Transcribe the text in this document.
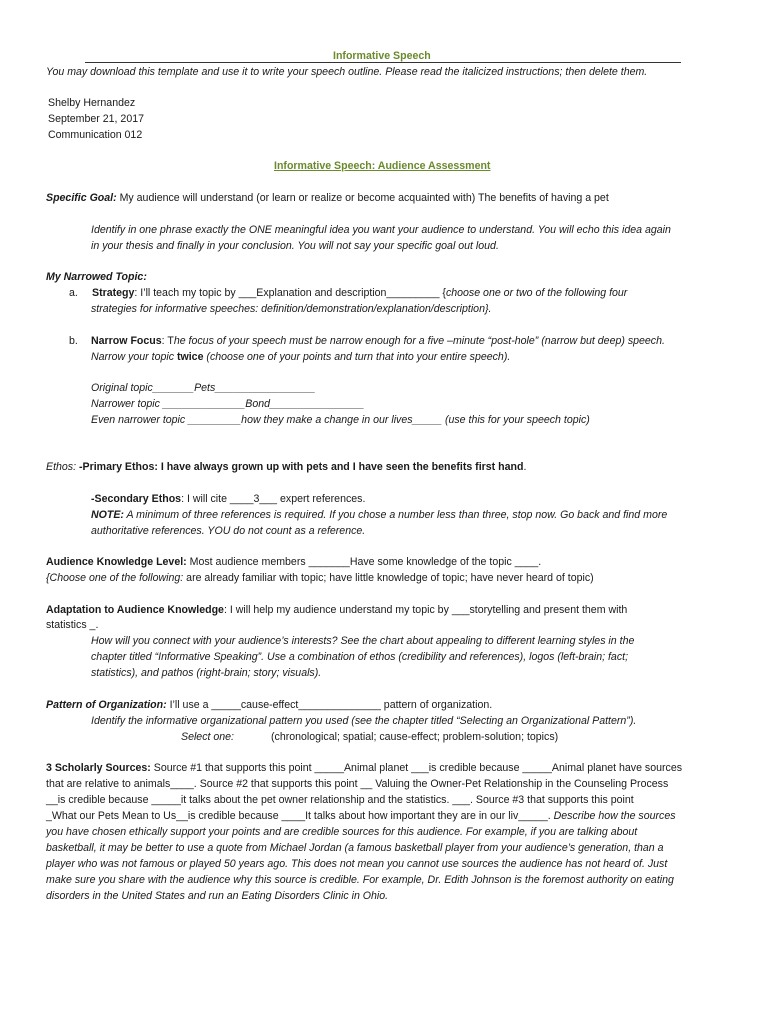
Informative Speech

You may download this template and use it to write your speech outline. Please read the italicized instructions; then delete them.

Shelby Hernandez

September 21, 2017

Communication 012

Informative Speech: Audience Assessment

Specific Goal: My audience will understand (or learn or realize or become acquainted with) The benefits of having a pet

Identify in one phrase exactly the ONE meaningful idea you want your audience to understand. You will echo this idea again

in your thesis and finally in your conclusion. You will not say your specific goal out loud.

My Narrowed Topic:

a. Strategy: I’ll teach my topic by ___Explanation and description_________ {choose one or two of the following four

strategies for informative speeches: definition/demonstration/explanation/description}.

b. Narrow Focus: The focus of your speech must be narrow enough for a five –minute “post-hole” (narrow but deep) speech.

Narrow your topic twice (choose one of your points and turn that into your entire speech).

Original topic_______Pets_________________

Narrower topic ______________Bond________________

Even narrower topic _________how they make a change in our lives_____ (use this for your speech topic)

Ethos: -Primary Ethos: I have always grown up with pets and I have seen the benefits first hand.

-Secondary Ethos: I will cite ____3___ expert references.

NOTE: A minimum of three references is required. If you chose a number less than three, stop now. Go back and find more

authoritative references. YOU do not count as a reference.

Audience Knowledge Level: Most audience members _______Have some knowledge of the topic ____.

{Choose one of the following: are already familiar with topic; have little knowledge of topic; have never heard of topic)

Adaptation to Audience Knowledge: I will help my audience understand my topic by ___storytelling and present them with

statistics _.

How will you connect with your audience’s interests? See the chart about appealing to different learning styles in the

chapter titled “Informative Speaking”. Use a combination of ethos (credibility and references), logos (left-brain; fact;

statistics), and pathos (right-brain; story; visuals).

Pattern of Organization: I’ll use a _____cause-effect______________ pattern of organization.

Identify the informative organizational pattern you used (see the chapter titled “Selecting an Organizational Pattern”).

Select one:	(chronological; spatial; cause-effect; problem-solution; topics)

3 Scholarly Sources: Source #1 that supports this point _____Animal planet ___is credible because _____Animal planet have sources

that are relative to animals____. Source #2 that supports this point __ Valuing the Owner-Pet Relationship in the Counseling Process

__is credible because _____it talks about the pet owner relationship and the statistics. ___. Source #3 that supports this point

_What our Pets Mean to Us__is credible because ____It talks about how important they are in our liv_____. Describe how the sources

you have chosen ethically support your points and are credible sources for this audience. For example, if you are talking about

basketball, it may be better to use a quote from Michael Jordan (a famous basketball player from your audience’s generation, than a

player who was not famous or played 50 years ago. This does not mean you cannot use sources the audience has not heard of. Just

make sure you share with the audience why this source is credible. For example, Dr. Edith Johnson is the foremost authority on eating

disorders in the United States and run an Eating Disorders Clinic in Ohio.
